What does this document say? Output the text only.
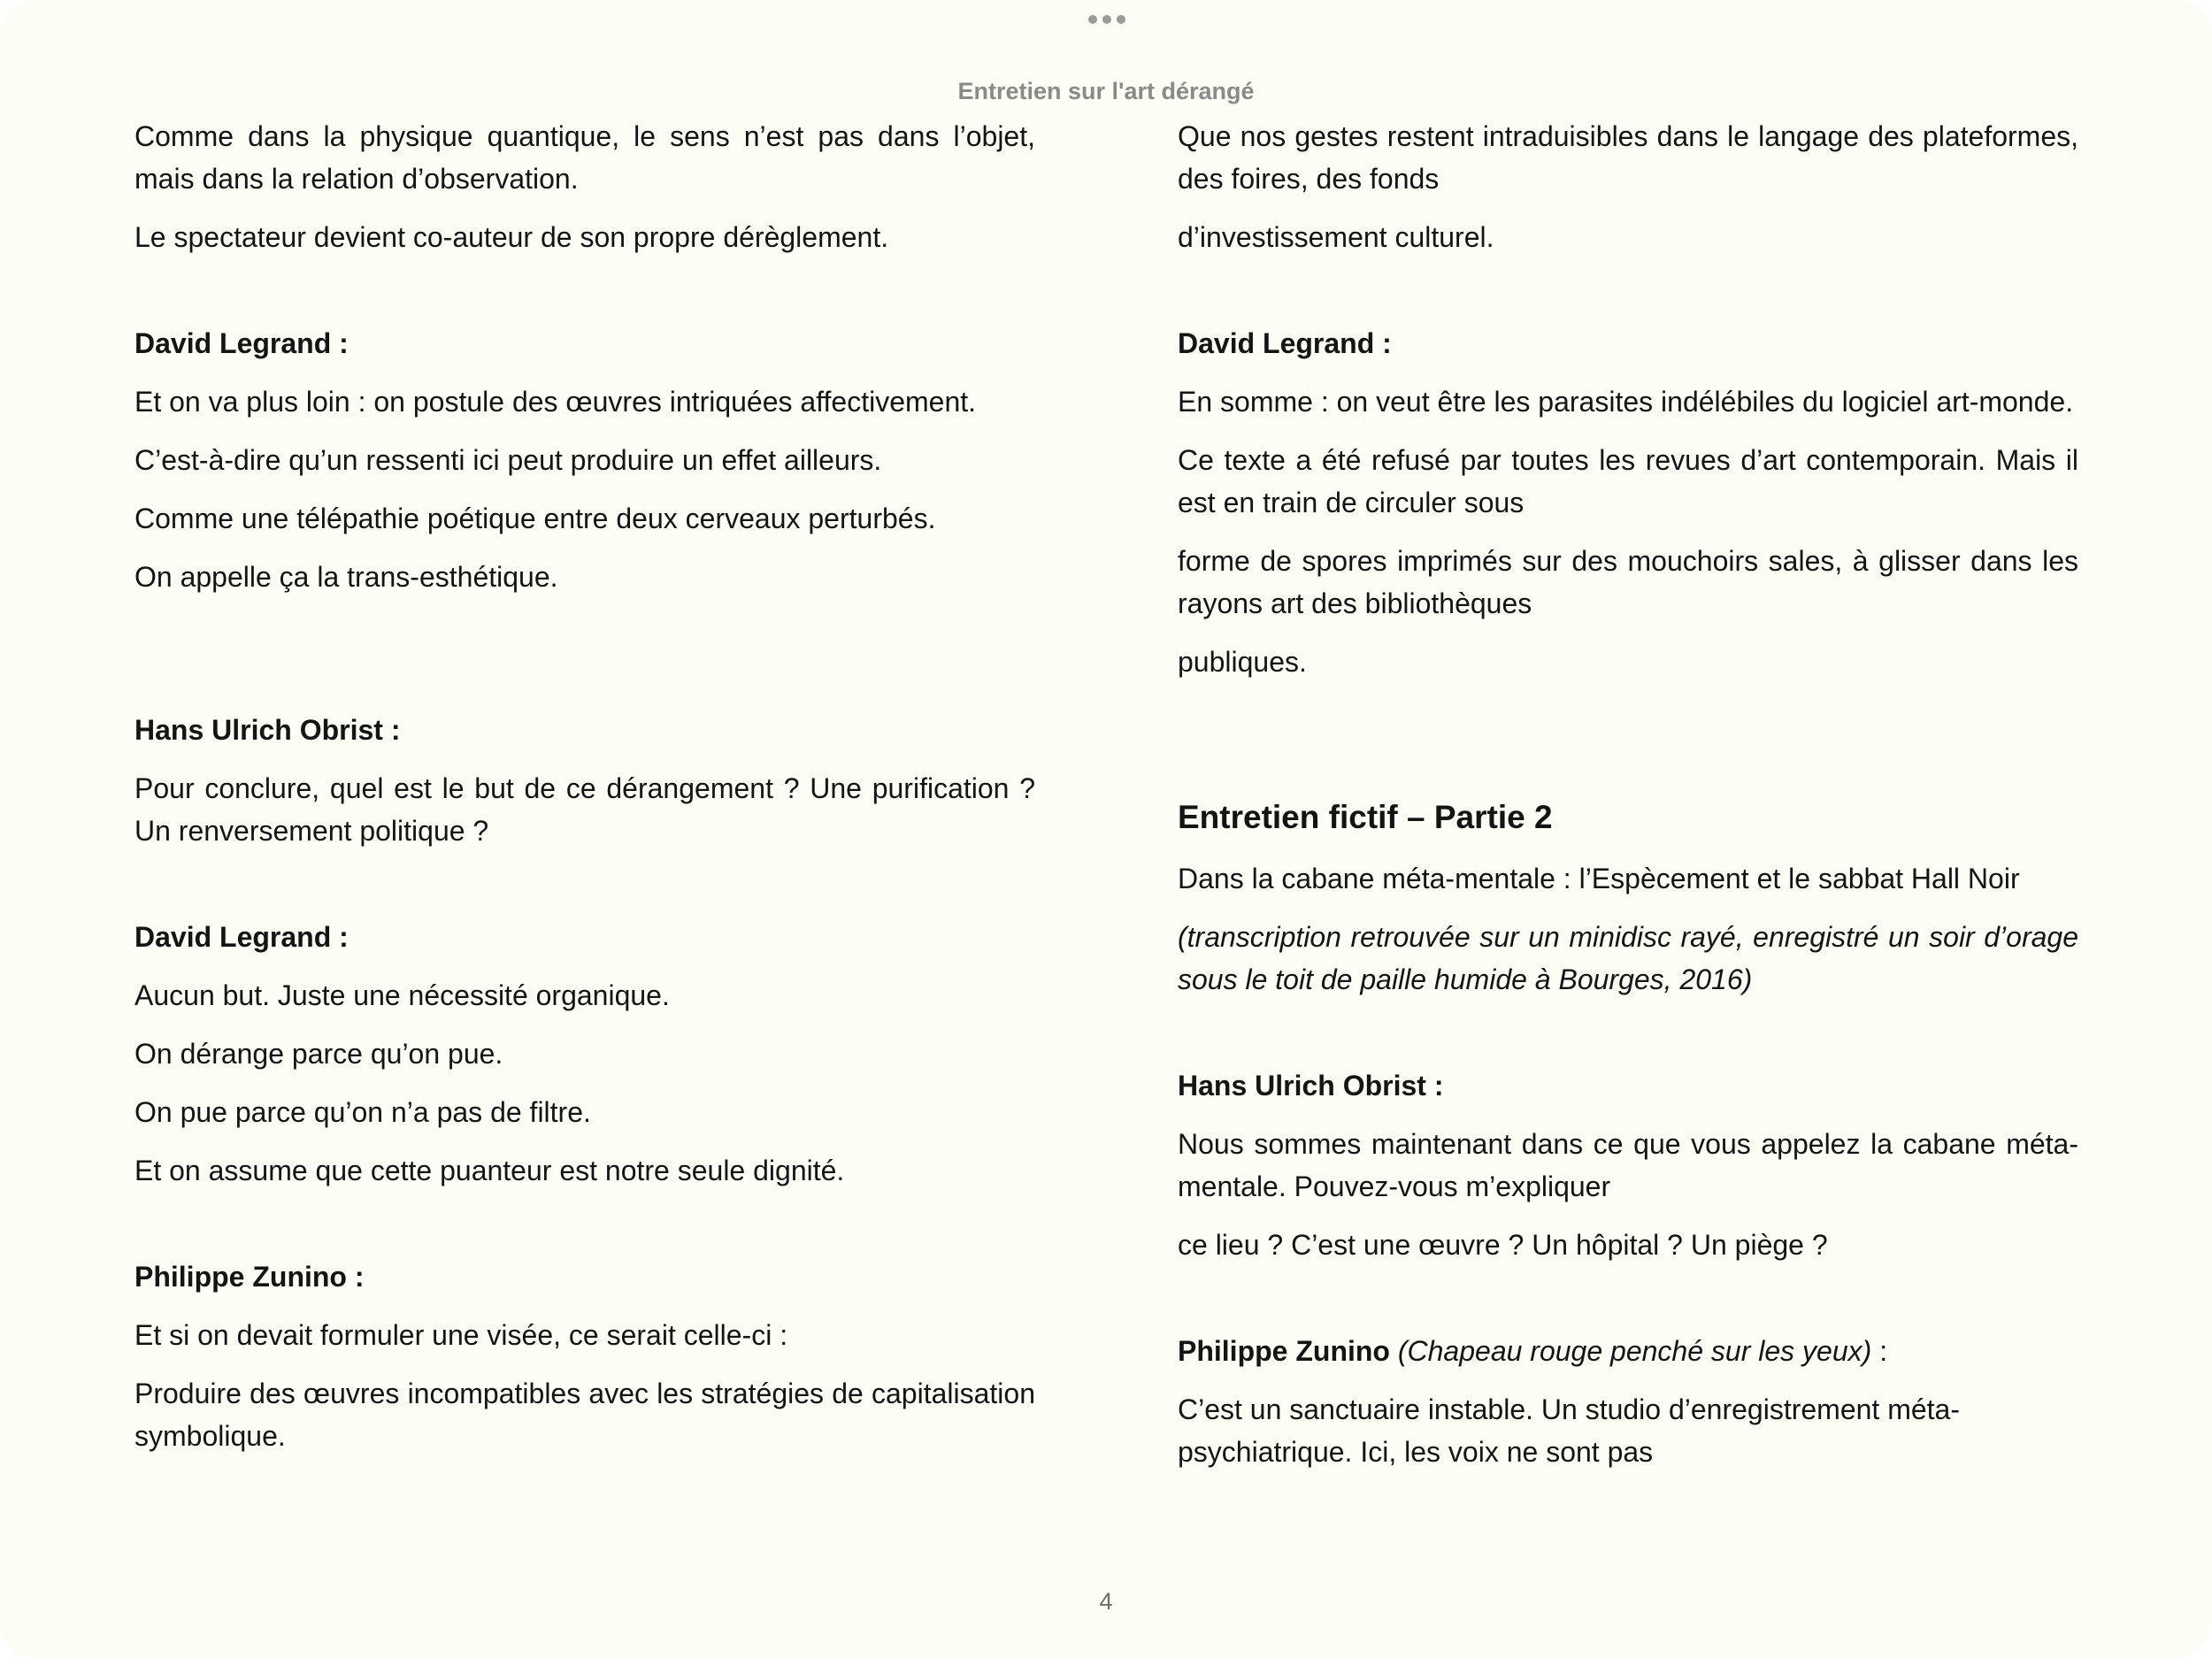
Entretien sur l'art dérangé

Comme dans la physique quantique, le sens n’est pas dans l’objet, mais dans la relation d’observation.

Le spectateur devient co-auteur de son propre dérèglement.

David Legrand :

Et on va plus loin : on postule des œuvres intriquées affectivement.

C’est-à-dire qu’un ressenti ici peut produire un effet ailleurs.

Comme une télépathie poétique entre deux cerveaux perturbés.

On appelle ça la trans-esthétique.

Hans Ulrich Obrist :

Pour conclure, quel est le but de ce dérangement ? Une purification ? Un renversement politique ?

David Legrand :

Aucun but. Juste une nécessité organique.

On dérange parce qu’on pue.

On pue parce qu’on n’a pas de filtre.

Et on assume que cette puanteur est notre seule dignité.

Philippe Zunino :

Et si on devait formuler une visée, ce serait celle-ci :

Produire des œuvres incompatibles avec les stratégies de capitalisation symbolique.

Que nos gestes restent intraduisibles dans le langage des plateformes, des foires, des fonds

d’investissement culturel.

David Legrand :

En somme : on veut être les parasites indélébiles du logiciel art-monde.

Ce texte a été refusé par toutes les revues d’art contemporain. Mais il est en train de circuler sous

forme de spores imprimés sur des mouchoirs sales, à glisser dans les rayons art des bibliothèques

publiques.

Entretien fictif – Partie 2

Dans la cabane méta-mentale : l’Espècement et le sabbat Hall Noir

(transcription retrouvée sur un minidisc rayé, enregistré un soir d’orage sous le toit de paille humide à Bourges, 2016)

Hans Ulrich Obrist :

Nous sommes maintenant dans ce que vous appelez la cabane méta-mentale. Pouvez-vous m’expliquer

ce lieu ? C’est une œuvre ? Un hôpital ? Un piège ?

Philippe Zunino (Chapeau rouge penché sur les yeux) :

C’est un sanctuaire instable. Un studio d’enregistrement méta-psychiatrique. Ici, les voix ne sont pas

4
